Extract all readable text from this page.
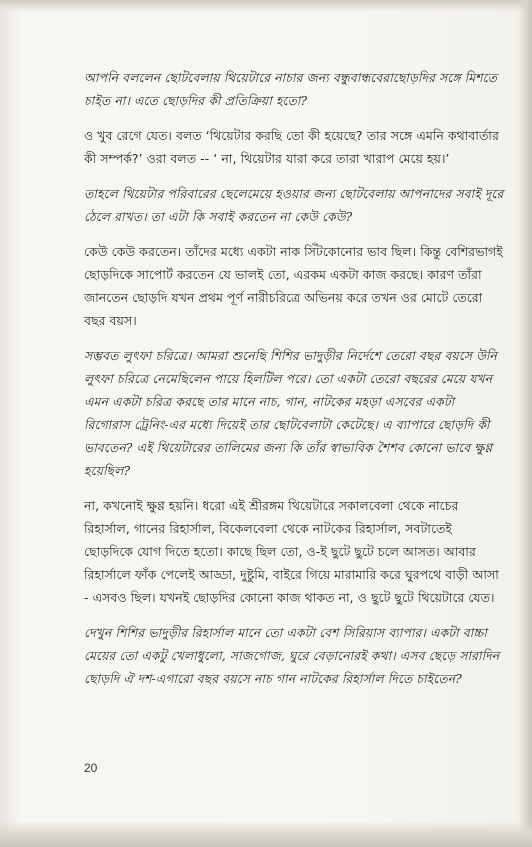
আপনি বললেন ছোটবেলায় থিয়েটারে নাচার জন্য বন্ধুবান্ধবেরাছোড়দির সঙ্গে মিশতে চাইত না। এতে ছোড়দির কী প্রতিক্রিয়া হতো?

ও খুব রেগে যেত। বলত ‘থিয়েটার করছি তো কী হয়েছে? তার সঙ্গে এমনি কথাবার্তার কী সম্পর্ক?’ ওরা বলত -- ‘ না, থিয়েটার যারা করে তারা খারাপ মেয়ে হয়।’

তাহলে থিয়েটার পরিবারের ছেলেমেয়ে হওয়ার জন্য ছোটবেলায় আপনাদের সবাই দূরে ঠেলে রাখত। তা এটা কি সবাই করতেন না কেউ কেউ?

কেউ কেউ করতেন। তাঁদের মধ্যে একটা নাক সিঁটকোনোর ভাব ছিল। কিন্তু বেশিরভাগই ছোড়দিকে সাপোর্ট করতেন যে ভালই তো, এরকম একটা কাজ করছে। কারণ তাঁরা জানতেন ছোড়দি যখন প্রথম পূর্ণ নারীচরিত্রে অভিনয় করে তখন ওর মোটে তেরো বছর বয়স।

সম্ভবত লুৎফা চরিত্রে। আমরা শুনেছি শিশির ভাদুড়ীর নির্দেশে তেরো বছর বয়সে উনি লুৎফা চরিত্রে নেমেছিলেন পায়ে হিলটিল পরে। তো একটা তেরো বছরের মেয়ে যখন এমন একটা চরিত্র করছে তার মানে নাচ, গান, নাটকের মহড়া এসবের একটা রিগোরাস ট্রেনিং-এর মধ্যে দিয়েই তার ছোটবেলাটা কেটেছে। এ ব্যাপারে ছোড়দি কী ভাবতেন? এই থিয়েটারের তালিমের জন্য কি তাঁর স্বাভাবিক শৈশব কোনো ভাবে ক্ষুণ্ণ হয়েছিল?

না, কখনোই ক্ষুণ্ণ হয়নি। ধরো এই শ্রীরঙ্গম থিয়েটারে সকালবেলা থেকে নাচের রিহার্সাল, গানের রিহার্সাল, বিকেলবেলা থেকে নাটকের রিহার্সাল, সবটাতেই ছোড়দিকে যোগ দিতে হতো। কাছে ছিল তো, ও-ই ছুটে ছুটে চলে আসত। আবার রিহার্সালে ফাঁক পেলেই আড্ডা, দুষ্টুমি, বাইরে গিয়ে মারামারি করে ঘুরপথে বাড়ী আসা - এসবও ছিল। যখনই ছোড়দির কোনো কাজ থাকত না, ও ছুটে ছুটে থিয়েটারে যেত।

দেখুন শিশির ভাদুড়ীর রিহার্সাল মানে তো একটা বেশ সিরিয়াস ব্যাপার। একটা বাচ্চা মেয়ের তো একটু খেলাধুলো, সাজগোজ, ঘুরে বেড়ানোরই কথা। এসব ছেড়ে সারাদিন ছোড়দি ঐ দশ-এগারো বছর বয়সে নাচ গান নাটকের রিহার্সাল দিতে চাইতেন?

20
